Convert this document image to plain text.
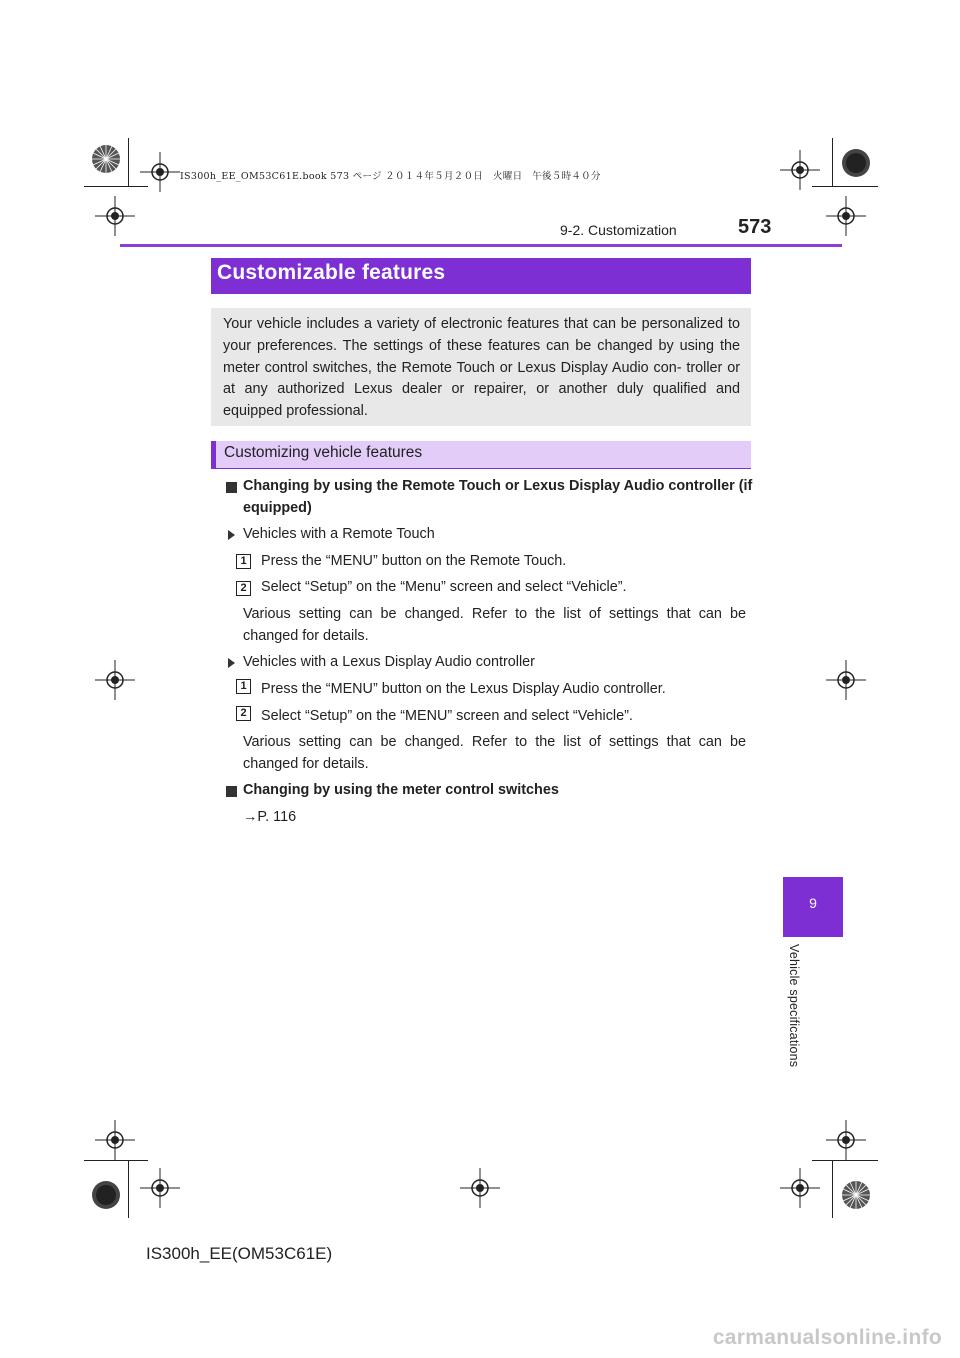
IS300h_EE_OM53C61E.book 573 ページ ２０１４年５月２０日　火曜日　午後５時４０分
9-2. Customization	573
Customizable features
Your vehicle includes a variety of electronic features that can be personalized to your preferences. The settings of these features can be changed by using the meter control switches, the Remote Touch or Lexus Display Audio con- troller or at any authorized Lexus dealer or repairer, or another duly qualified and equipped professional.
Customizing vehicle features
Changing by using the Remote Touch or Lexus Display Audio controller (if
equipped)
Vehicles with a Remote Touch
1	Press the “MENU” button on the Remote Touch.
2	Select “Setup” on the “Menu” screen and select “Vehicle”.
Various setting can be changed. Refer to the list of settings that can be
changed for details.
Vehicles with a Lexus Display Audio controller
1	Press the “MENU” button on the Lexus Display Audio controller.
2	Select “Setup” on the “MENU” screen and select “Vehicle”.
Various setting can be changed. Refer to the list of settings that can be
changed for details.
Changing by using the meter control switches
→P. 116
9
Vehicle specifications
IS300h_EE(OM53C61E)
carmanualsonline.info
